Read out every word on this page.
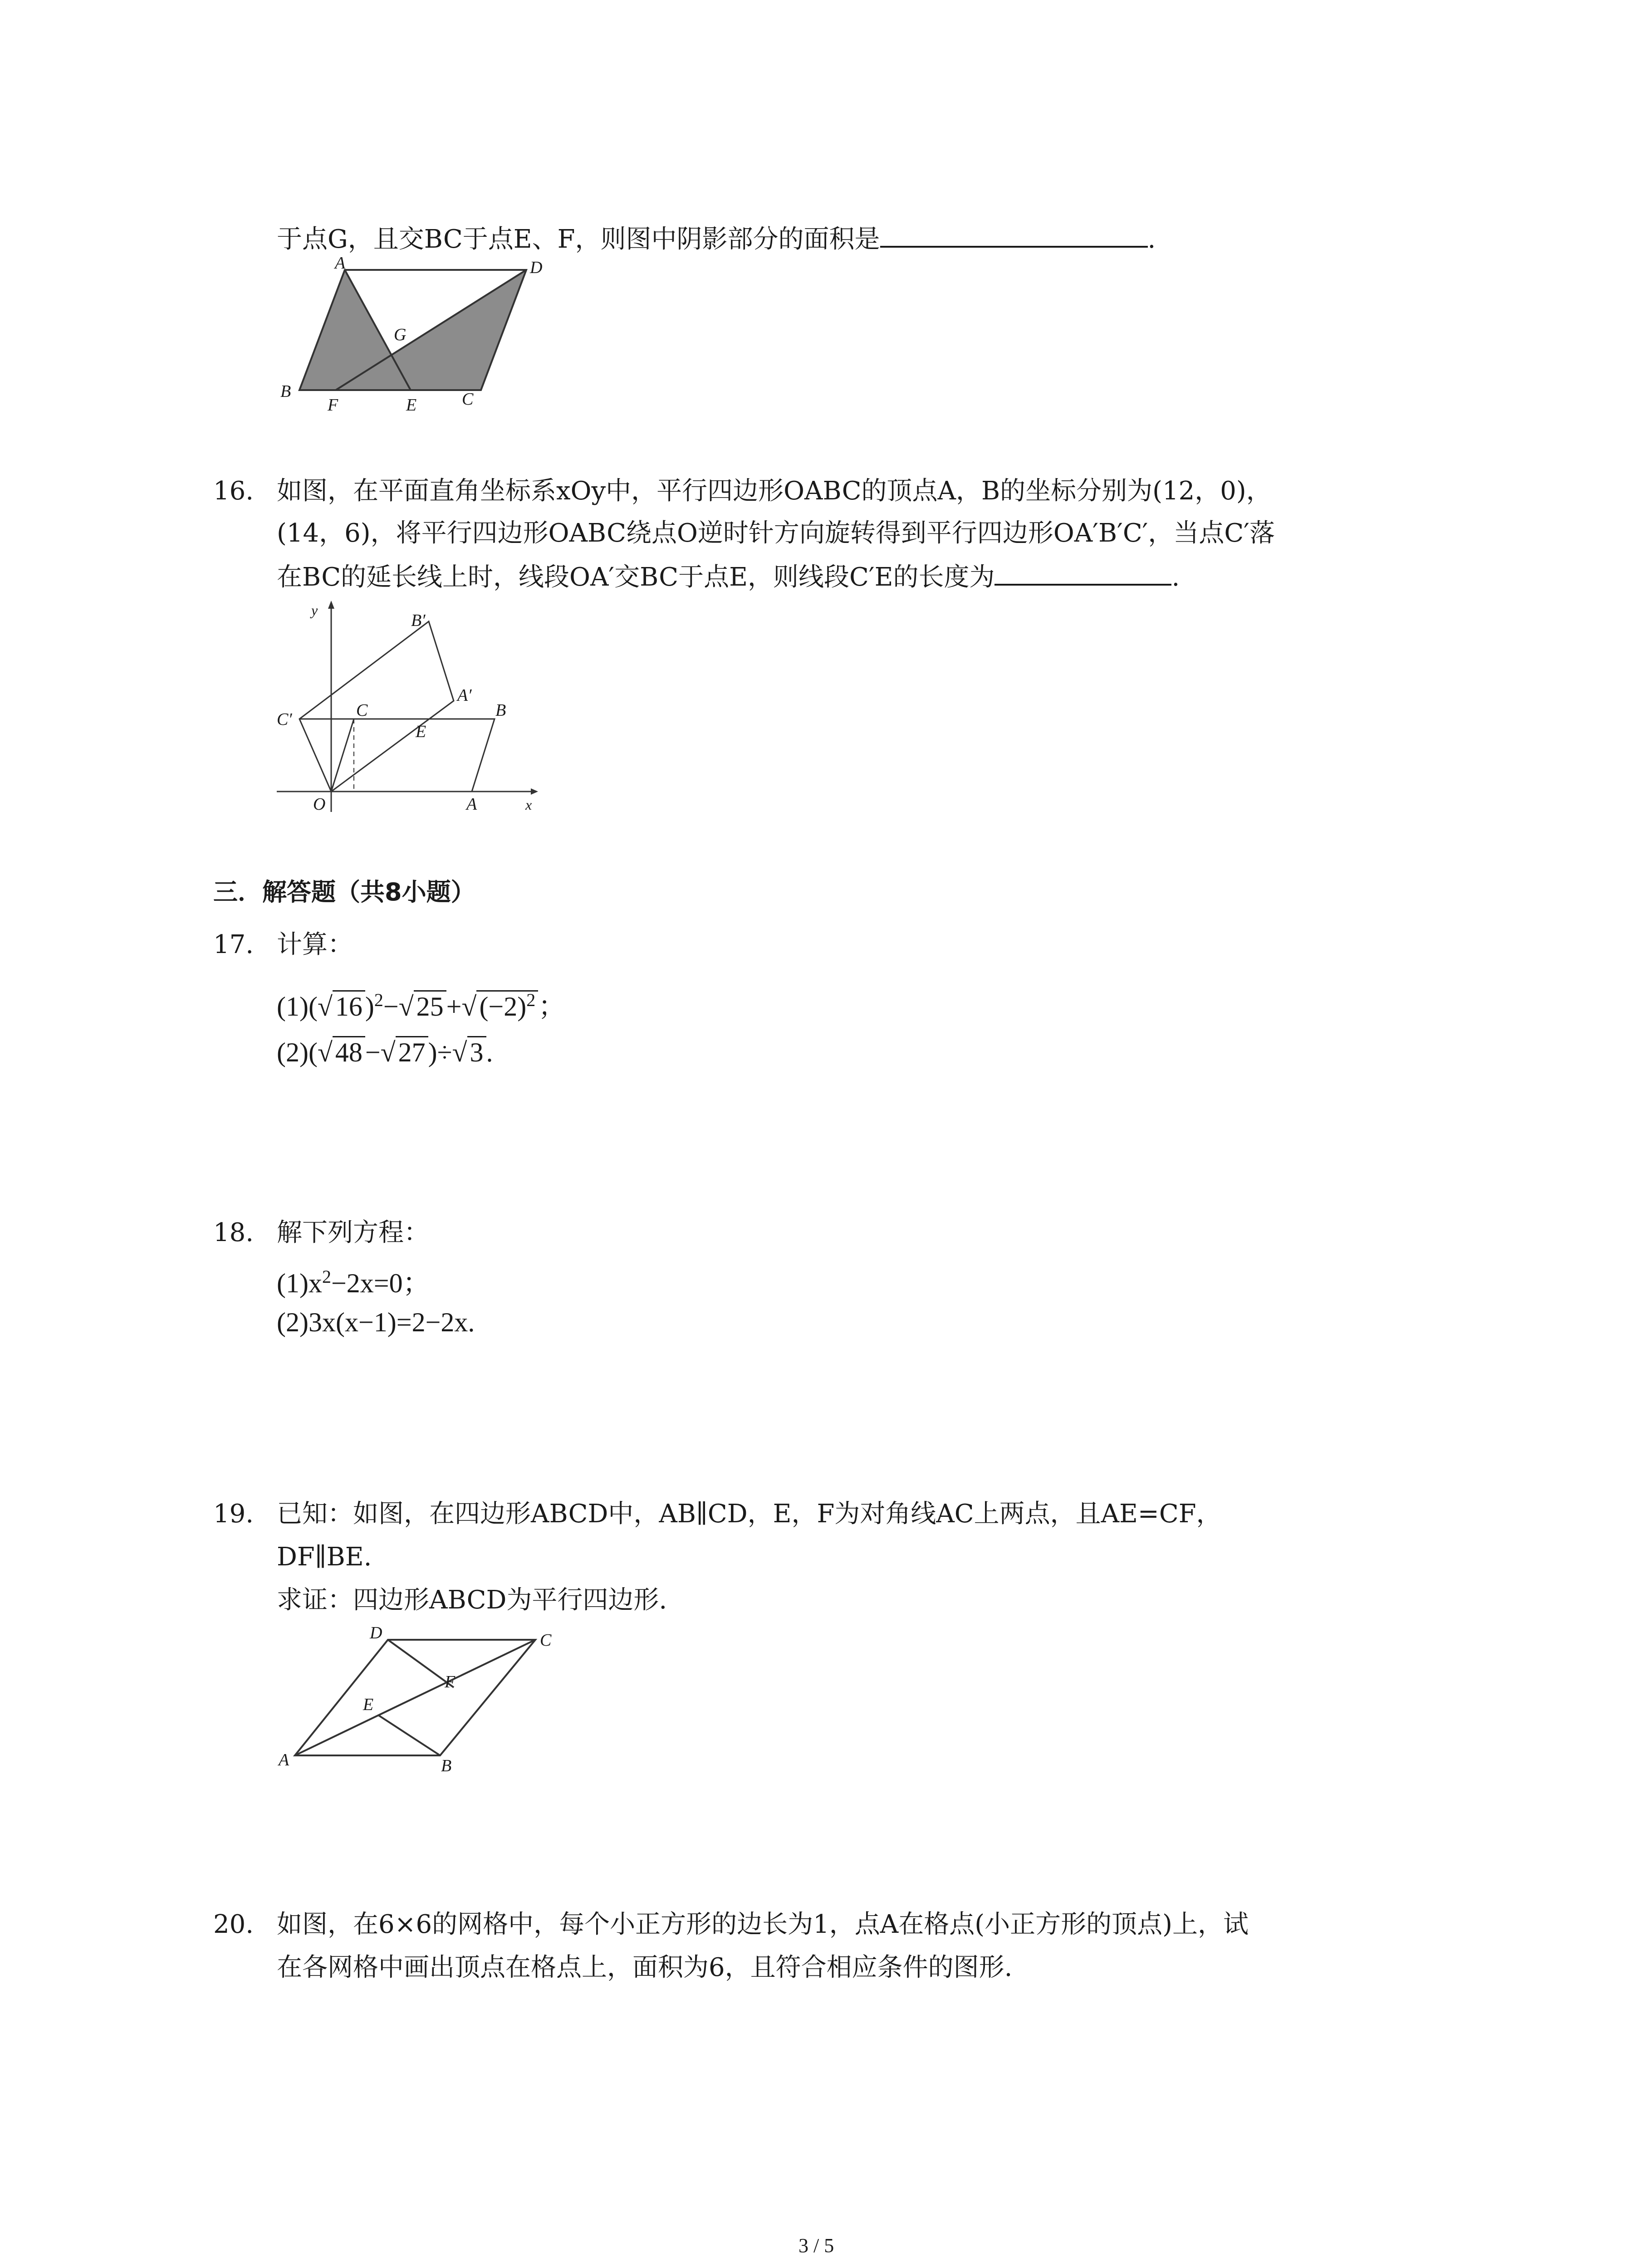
于点G，且交BC于点E、F，则图中阴影部分的面积是	.
A	D
G
B
F	E	C
16. 如图，在平面直角坐标系xOy中，平行四边形OABC的顶点A，B的坐标分别为(12，0)，
(14，6)，将平行四边形OABC绕点O逆时针方向旋转得到平行四边形OA′B′C′，当点C′落
在BC的延长线上时，线段OA′交BC于点E，则线段C′E的长度为	.
y
B′
A′
C′	C
E
B
O	A	x
三．解答题（共8小题）
17. 计算：
(1)(√ 16 )$^2$−√ 25 +√ $(-2)^2$ ；
(2)(√ 48 −√ 27 )÷√ 3 .
18. 解下列方程：
$(1)x^2-2x=0$；
(2)3x(x−1)=2−2x.
19. 已知：如图，在四边形ABCD中，AB∥CD，E，F为对角线AC上两点，且AE=CF，
DF∥BE.
求证：四边形ABCD为平行四边形.
D	C
F
E
A	B
20. 如图，在6×6的网格中，每个小正方形的边长为1，点A在格点(小正方形的顶点)上，试
在各网格中画出顶点在格点上，面积为6，且符合相应条件的图形.
3 / 5
